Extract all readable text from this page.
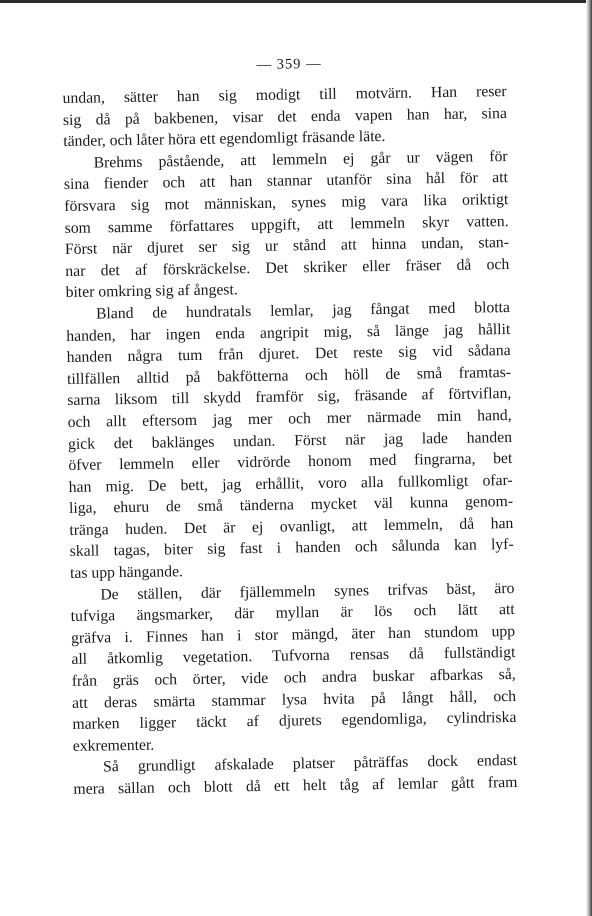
— 359 —
undan, sätter han sig modigt till motvärn. Han reser
sig då på bakbenen, visar det enda vapen han har, sina
tänder, och låter höra ett egendomligt fräsande läte.
Brehms påstående, att lemmeln ej går ur vägen för
sina fiender och att han stannar utanför sina hål för att
försvara sig mot människan, synes mig vara lika oriktigt
som samme författares uppgift, att lemmeln skyr vatten.
Först när djuret ser sig ur stånd att hinna undan, stan-
nar det af förskräckelse. Det skriker eller fräser då och
biter omkring sig af ångest.
Bland de hundratals lemlar, jag fångat med blotta
handen, har ingen enda angripit mig, så länge jag hållit
handen några tum från djuret. Det reste sig vid sådana
tillfällen alltid på bakfötterna och höll de små framtas-
sarna liksom till skydd framför sig, fräsande af förtviflan,
och allt eftersom jag mer och mer närmade min hand,
gick det baklänges undan. Först när jag lade handen
öfver lemmeln eller vidrörde honom med fingrarna, bet
han mig. De bett, jag erhållit, voro alla fullkomligt ofar-
liga, ehuru de små tänderna mycket väl kunna genom-
tränga huden. Det är ej ovanligt, att lemmeln, då han
skall tagas, biter sig fast i handen och sålunda kan lyf-
tas upp hängande.
De ställen, där fjällemmeln synes trifvas bäst, äro
tufviga ängsmarker, där myllan är lös och lätt att
gräfva i. Finnes han i stor mängd, äter han stundom upp
all åtkomlig vegetation. Tufvorna rensas då fullständigt
från gräs och örter, vide och andra buskar afbarkas så,
att deras smärta stammar lysa hvita på långt håll, och
marken ligger täckt af djurets egendomliga, cylindriska
exkrementer.
Så grundligt afskalade platser påträffas dock endast
mera sällan och blott då ett helt tåg af lemlar gått fram
